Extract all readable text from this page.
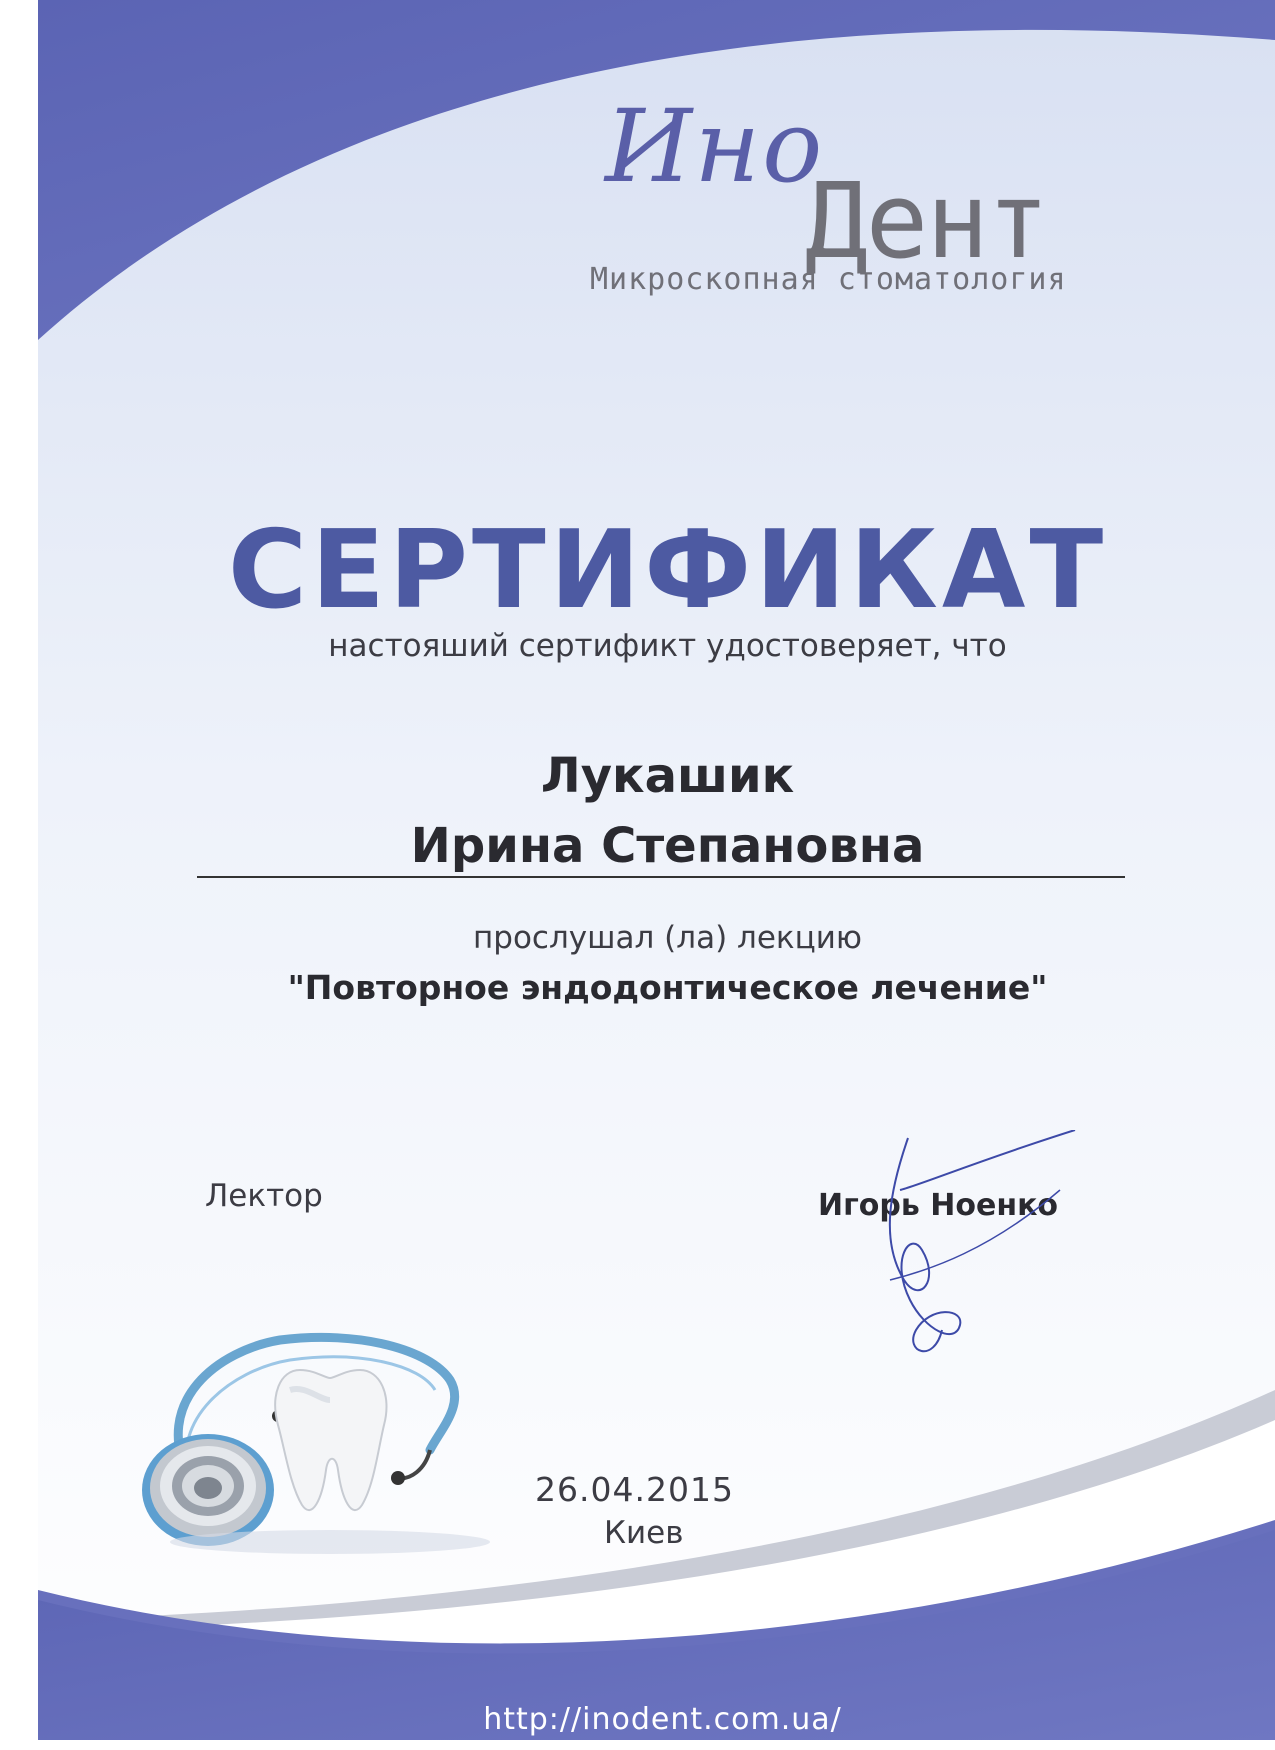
Ино
Дент
Микроскопная стоматология
СЕРТИФИКАТ
настояший сертификт удостоверяет, что
Лукашик
Ирина Степановна
прослушал (ла) лекцию
"Повторное эндодонтическое лечение"
Лектор	Игорь Ноенко
26.04.2015
Киев
http://inodent.com.ua/
